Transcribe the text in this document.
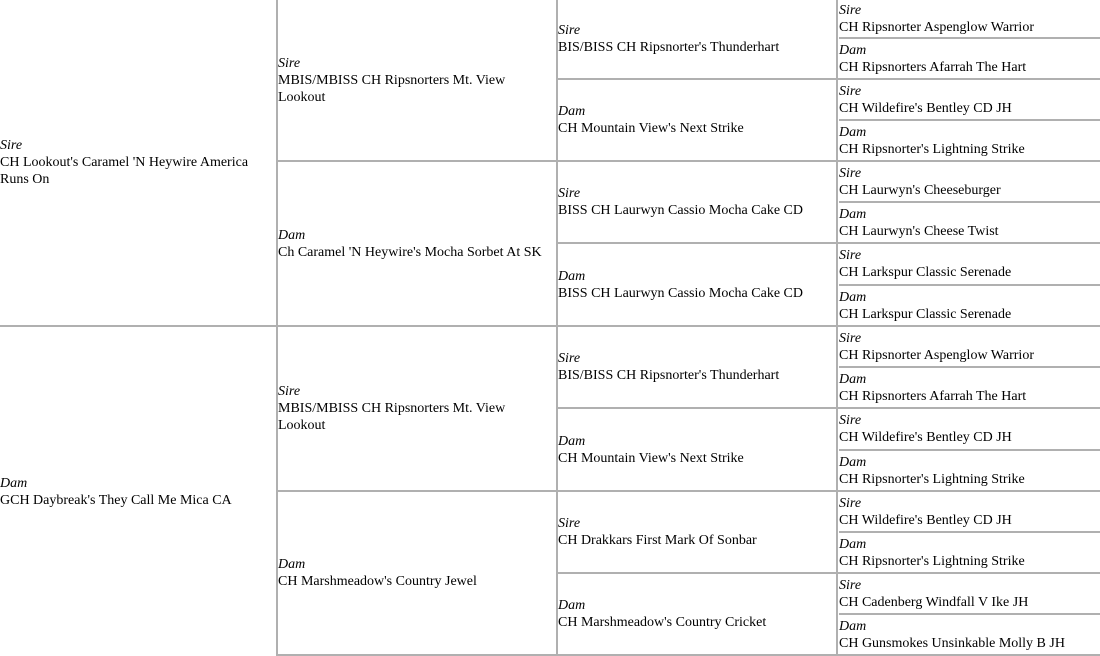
Sire
CH Lookout's Caramel 'N Heywire America Runs On
Dam
GCH Daybreak's They Call Me Mica CA
Sire
MBIS/MBISS CH Ripsnorters Mt. View Lookout
Dam
Ch Caramel 'N Heywire's Mocha Sorbet At SK
Sire
MBIS/MBISS CH Ripsnorters Mt. View Lookout
Dam
CH Marshmeadow's Country Jewel
Sire
BIS/BISS CH Ripsnorter's Thunderhart
Dam
CH Mountain View's Next Strike
Sire
BISS CH Laurwyn Cassio Mocha Cake CD
Dam
BISS CH Laurwyn Cassio Mocha Cake CD
Sire
BIS/BISS CH Ripsnorter's Thunderhart
Dam
CH Mountain View's Next Strike
Sire
CH Drakkars First Mark Of Sonbar
Dam
CH Marshmeadow's Country Cricket
Sire
CH Ripsnorter Aspenglow Warrior
Dam
CH Ripsnorters Afarrah The Hart
Sire
CH Wildefire's Bentley CD JH
Dam
CH Ripsnorter's Lightning Strike
Sire
CH Laurwyn's Cheeseburger
Dam
CH Laurwyn's Cheese Twist
Sire
CH Larkspur Classic Serenade
Dam
CH Larkspur Classic Serenade
Sire
CH Ripsnorter Aspenglow Warrior
Dam
CH Ripsnorters Afarrah The Hart
Sire
CH Wildefire's Bentley CD JH
Dam
CH Ripsnorter's Lightning Strike
Sire
CH Wildefire's Bentley CD JH
Dam
CH Ripsnorter's Lightning Strike
Sire
CH Cadenberg Windfall V Ike JH
Dam
CH Gunsmokes Unsinkable Molly B JH
